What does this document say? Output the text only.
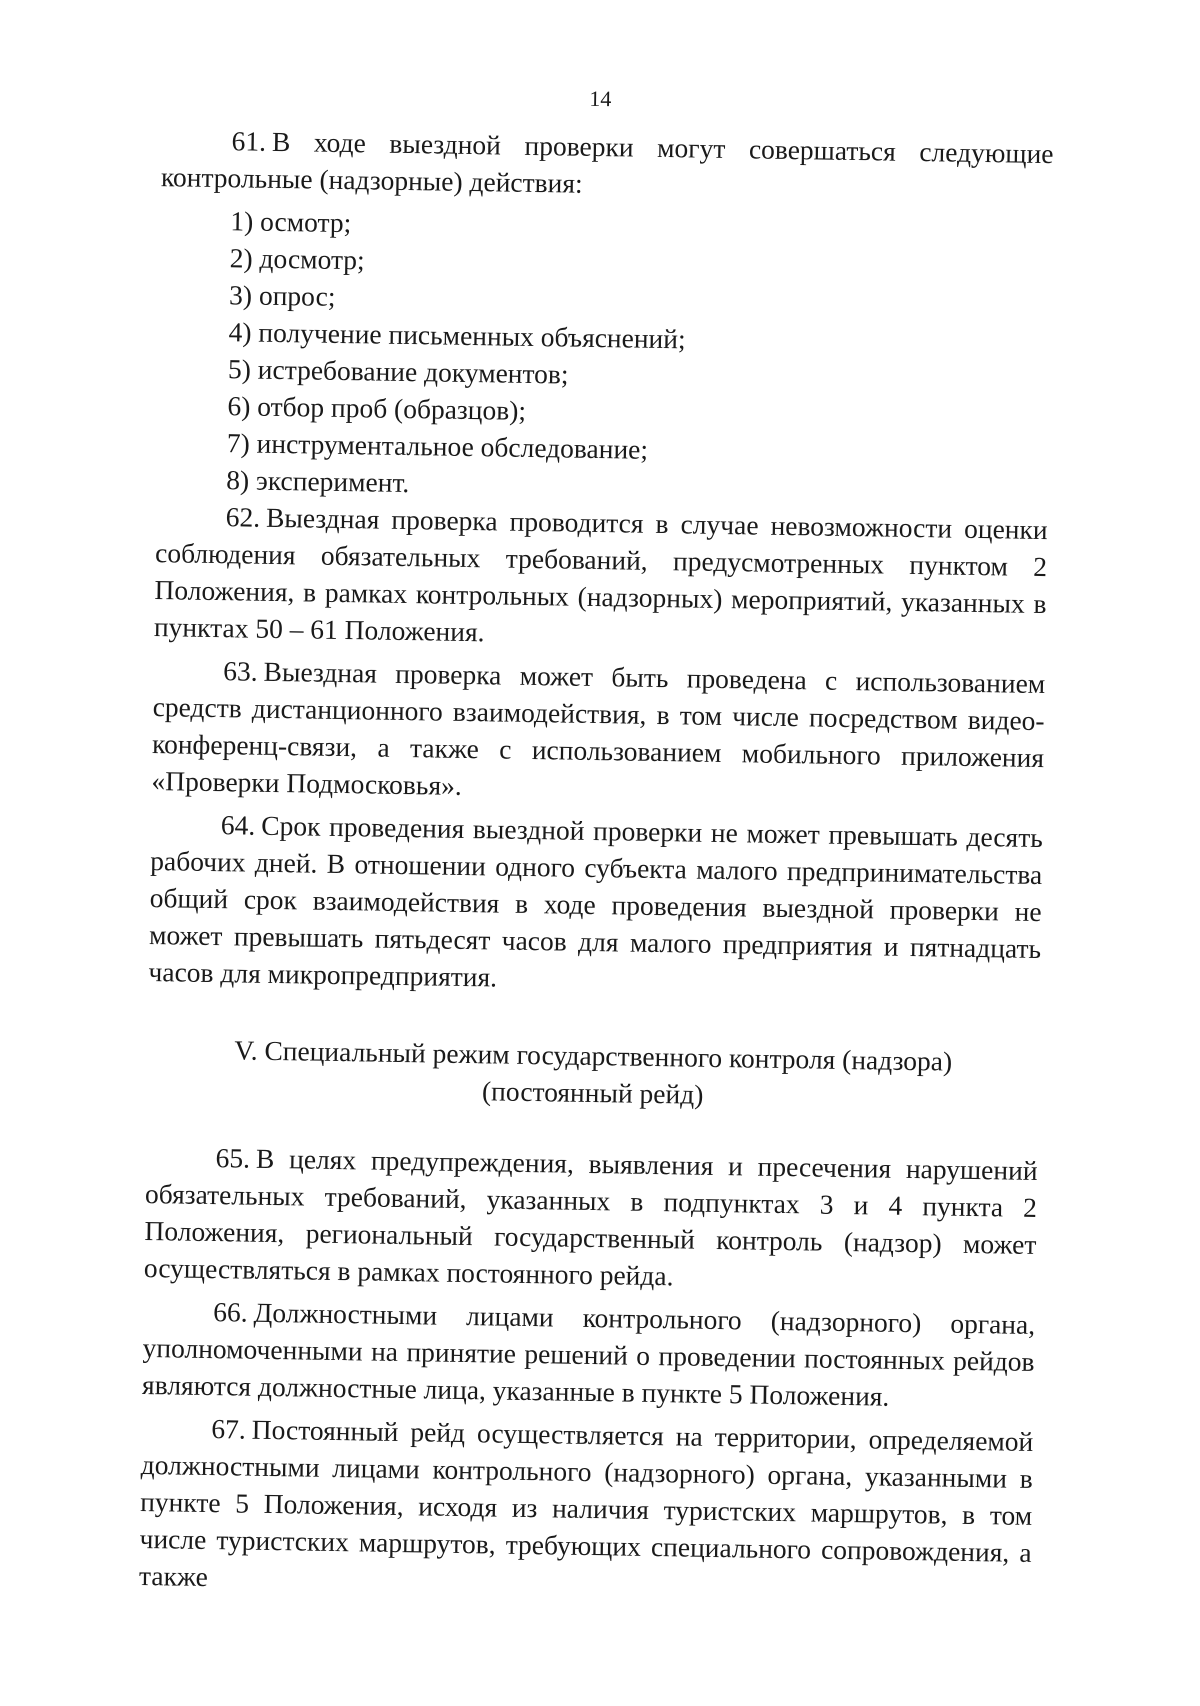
14

61. В ходе выездной проверки могут совершаться следующие контрольные (надзорные) действия:

1) осмотр;

2) досмотр;

3) опрос;

4) получение письменных объяснений;

5) истребование документов;

6) отбор проб (образцов);

7) инструментальное обследование;

8) эксперимент.

62. Выездная проверка проводится в случае невозможности оценки соблюдения обязательных требований, предусмотренных пунктом 2 Положения, в рамках контрольных (надзорных) мероприятий, указанных в пунктах 50 – 61 Положения.

63. Выездная проверка может быть проведена с использованием средств дистанционного взаимодействия, в том числе посредством видео-конференц-связи, а также с использованием мобильного приложения «Проверки Подмосковья».

64. Срок проведения выездной проверки не может превышать десять рабочих дней. В отношении одного субъекта малого предпринимательства общий срок взаимодействия в ходе проведения выездной проверки не может превышать пятьдесят часов для малого предприятия и пятнадцать часов для микропредприятия.

V. Специальный режим государственного контроля (надзора)
(постоянный рейд)

65. В целях предупреждения, выявления и пресечения нарушений обязательных требований, указанных в подпунктах 3 и 4 пункта 2 Положения, региональный государственный контроль (надзор) может осуществляться в рамках постоянного рейда.

66. Должностными лицами контрольного (надзорного) органа, уполномоченными на принятие решений о проведении постоянных рейдов являются должностные лица, указанные в пункте 5 Положения.

67. Постоянный рейд осуществляется на территории, определяемой должностными лицами контрольного (надзорного) органа, указанными в пункте 5 Положения, исходя из наличия туристских маршрутов, в том числе туристских маршрутов, требующих специального сопровождения, а также
